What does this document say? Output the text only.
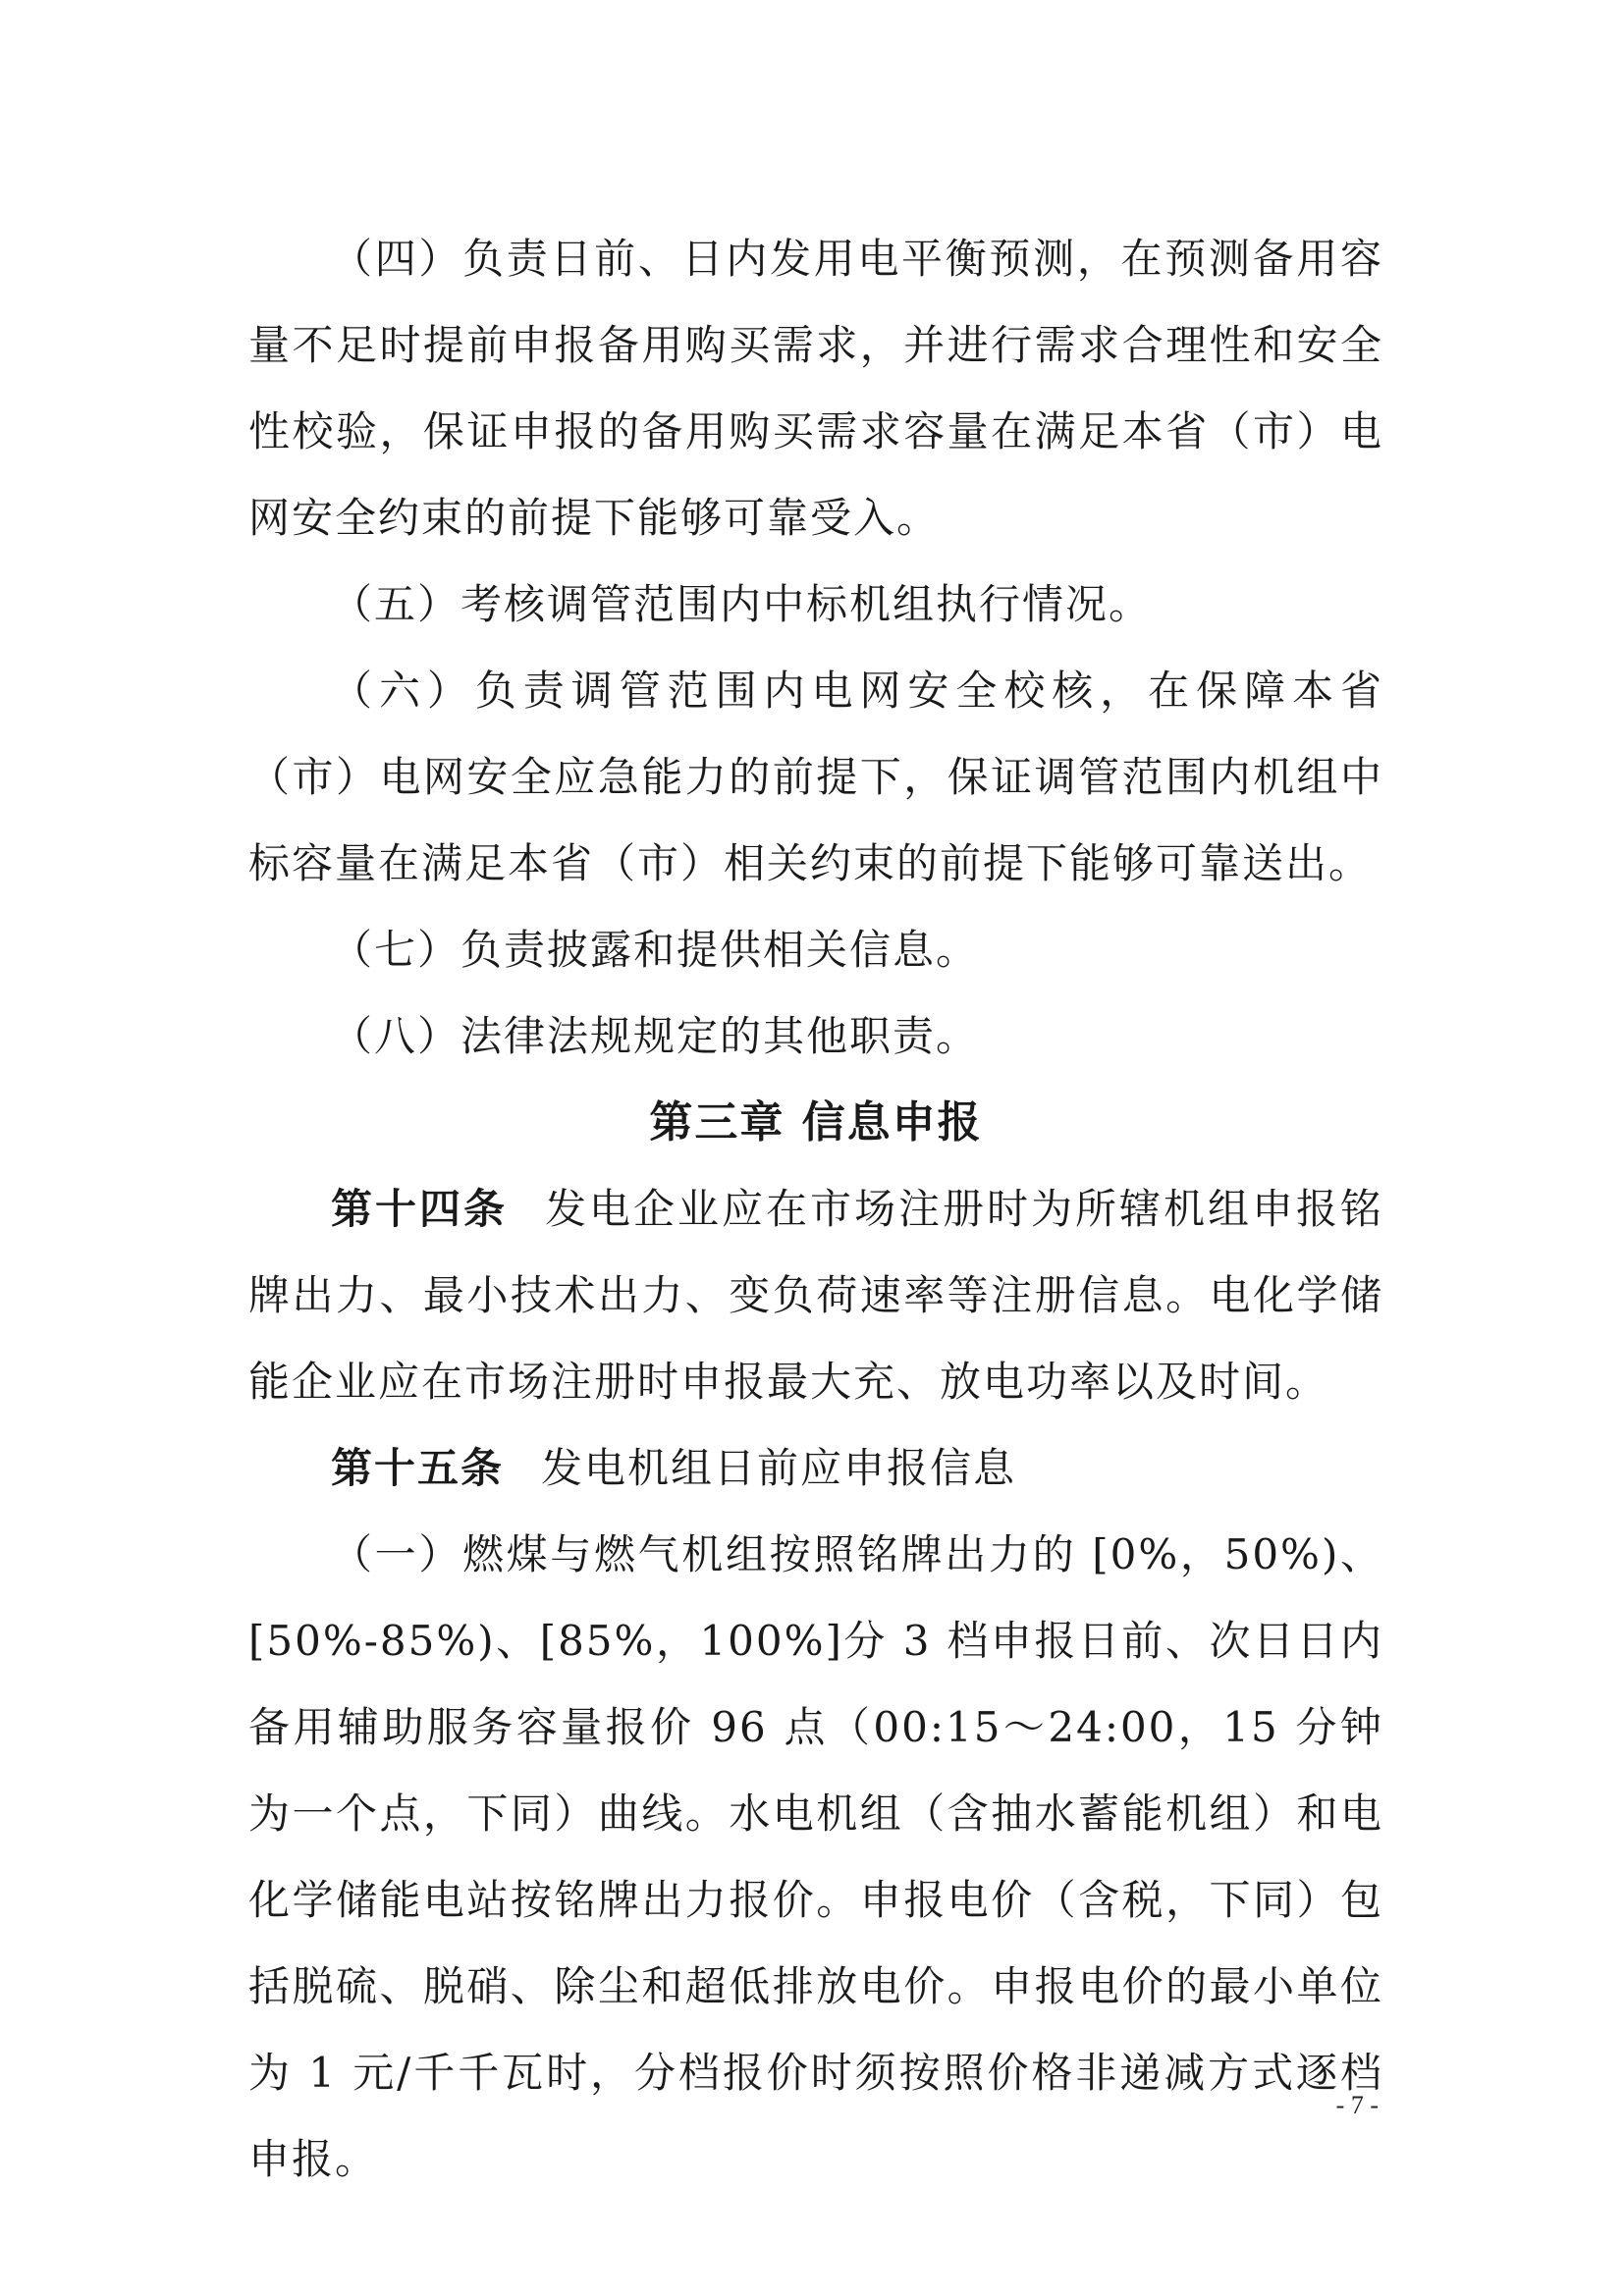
（四）负责日前、日内发用电平衡预测，在预测备用容量不足时提前申报备用购买需求，并进行需求合理性和安全性校验，保证申报的备用购买需求容量在满足本省（市）电网安全约束的前提下能够可靠受入。

（五）考核调管范围内中标机组执行情况。

（六）负责调管范围内电网安全校核，在保障本省（市）电网安全应急能力的前提下，保证调管范围内机组中标容量在满足本省（市）相关约束的前提下能够可靠送出。

（七）负责披露和提供相关信息。

（八）法律法规规定的其他职责。

第三章 信息申报

第十四条 发电企业应在市场注册时为所辖机组申报铭牌出力、最小技术出力、变负荷速率等注册信息。电化学储能企业应在市场注册时申报最大充、放电功率以及时间。

第十五条 发电机组日前应申报信息

（一）燃煤与燃气机组按照铭牌出力的 [0%，50%)、[50%-85%)、[85%，100%]分 3 档申报日前、次日日内备用辅助服务容量报价 96 点（00:15～24:00，15 分钟为一个点，下同）曲线。水电机组（含抽水蓄能机组）和电化学储能电站按铭牌出力报价。申报电价（含税，下同）包括脱硫、脱硝、除尘和超低排放电价。申报电价的最小单位为 1 元/千千瓦时，分档报价时须按照价格非递减方式逐档申报。

- 7 -
